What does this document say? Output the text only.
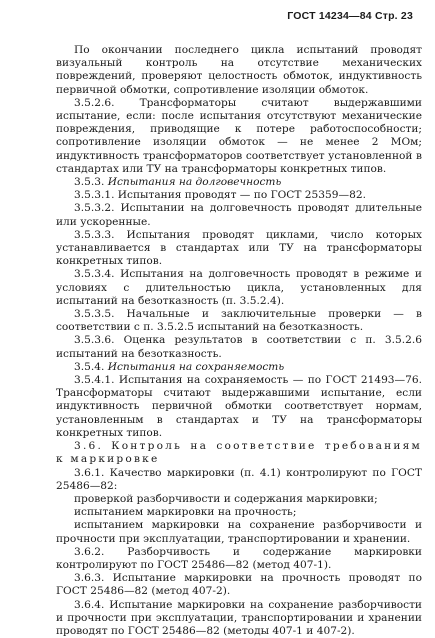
ГОСТ 14234—84 Стр. 23

По окончании последнего цикла испытаний проводят визуальный контроль на отсутствие механических повреждений, проверяют целостность обмоток, индуктивность первичной обмотки, сопротивление изоляции обмоток.

3.5.2.6. Трансформаторы считают выдержавшими испытание, если: после испытания отсутствуют механические повреждения, приводящие к потере работоспособности; сопротивление изоляции обмоток — не менее 2 МОм; индуктивность трансформаторов соответствует установленной в стандартах или ТУ на трансформаторы конкретных типов.

3.5.3. Испытания на долговечность

3.5.3.1. Испытания проводят — по ГОСТ 25359—82.

3.5.3.2. Испытании на долговечность проводят длительные или ускоренные.

3.5.3.3. Испытания проводят циклами, число которых устанавливается в стандартах или ТУ на трансформаторы конкретных типов.

3.5.3.4. Испытания на долговечность проводят в режиме и условиях с длительностью цикла, установленных для испытаний на безотказность (п. 3.5.2.4).

3.5.3.5. Начальные и заключительные проверки — в соответствии с п. 3.5.2.5 испытаний на безотказность.

3.5.3.6. Оценка результатов в соответствии с п. 3.5.2.6 испытаний на безотказность.

3.5.4. Испытания на сохраняемость

3.5.4.1. Испытания на сохраняемость — по ГОСТ 21493—76. Трансформаторы считают выдержавшими испытание, если индуктивность первичной обмотки соответствует нормам, установленным в стандартах и ТУ на трансформаторы конкретных типов.

3.6. Контроль на соответствие требованиям к маркировке

3.6.1. Качество маркировки (п. 4.1) контролируют по ГОСТ 25486—82:

проверкой разборчивости и содержания маркировки;

испытанием маркировки на прочность;

испытанием маркировки на сохранение разборчивости и прочности при эксплуатации, транспортировании и хранении.

3.6.2. Разборчивость и содержание маркировки контролируют по ГОСТ 25486—82 (метод 407-1).

3.6.3. Испытание маркировки на прочность проводят по ГОСТ 25486—82 (метод 407-2).

3.6.4. Испытание маркировки на сохранение разборчивости и прочности при эксплуатации, транспортировании и хранении проводят по ГОСТ 25486—82 (методы 407-1 и 407-2).
